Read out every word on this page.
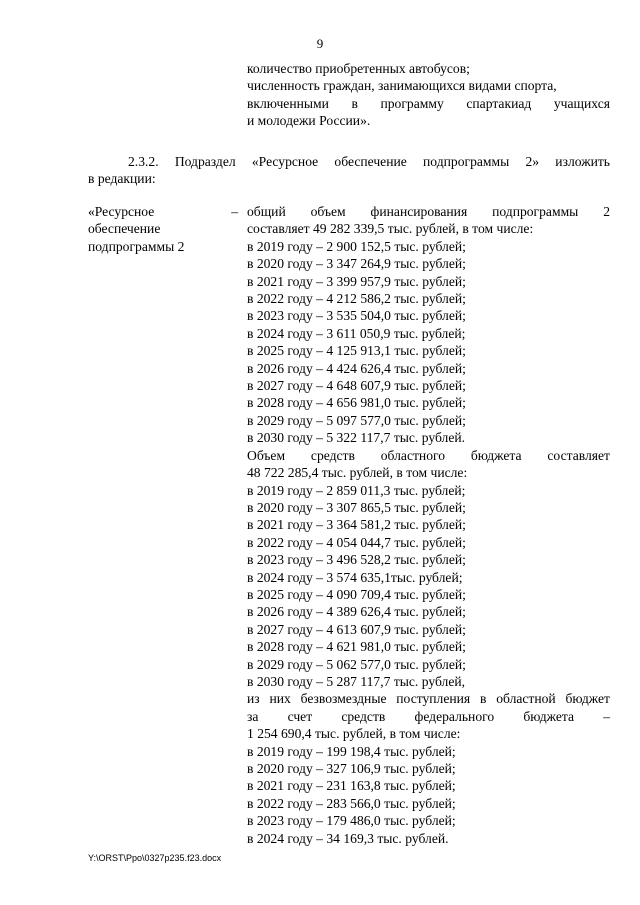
9
количество приобретенных автобусов;
численность граждан, занимающихся видами спорта,
включенными в программу спартакиад учащихся
и молодежи России».
2.3.2. Подраздел «Ресурсное обеспечение подпрограммы 2» изложить
в редакции:
«Ресурсное	–
обеспечение
подпрограммы 2
общий объем финансирования подпрограммы 2
составляет 49 282 339,5 тыс. рублей, в том числе:
в 2019 году – 2 900 152,5 тыс. рублей;
в 2020 году – 3 347 264,9 тыс. рублей;
в 2021 году – 3 399 957,9 тыс. рублей;
в 2022 году – 4 212 586,2 тыс. рублей;
в 2023 году – 3 535 504,0 тыс. рублей;
в 2024 году – 3 611 050,9 тыс. рублей;
в 2025 году – 4 125 913,1 тыс. рублей;
в 2026 году – 4 424 626,4 тыс. рублей;
в 2027 году – 4 648 607,9 тыс. рублей;
в 2028 году – 4 656 981,0 тыс. рублей;
в 2029 году – 5 097 577,0 тыс. рублей;
в 2030 году – 5 322 117,7 тыс. рублей.
Объем средств областного бюджета составляет
48 722 285,4 тыс. рублей, в том числе:
в 2019 году – 2 859 011,3 тыс. рублей;
в 2020 году – 3 307 865,5 тыс. рублей;
в 2021 году – 3 364 581,2 тыс. рублей;
в 2022 году – 4 054 044,7 тыс. рублей;
в 2023 году – 3 496 528,2 тыс. рублей;
в 2024 году – 3 574 635,1тыс. рублей;
в 2025 году – 4 090 709,4 тыс. рублей;
в 2026 году – 4 389 626,4 тыс. рублей;
в 2027 году – 4 613 607,9 тыс. рублей;
в 2028 году – 4 621 981,0 тыс. рублей;
в 2029 году – 5 062 577,0 тыс. рублей;
в 2030 году – 5 287 117,7 тыс. рублей,
из них безвозмездные поступления в областной бюджет
за счет средств федерального бюджета –
1 254 690,4 тыс. рублей, в том числе:
в 2019 году – 199 198,4 тыс. рублей;
в 2020 году – 327 106,9 тыс. рублей;
в 2021 году – 231 163,8 тыс. рублей;
в 2022 году – 283 566,0 тыс. рублей;
в 2023 году – 179 486,0 тыс. рублей;
в 2024 году – 34 169,3 тыс. рублей.
Y:\ORST\Ppo\0327p235.f23.docx
